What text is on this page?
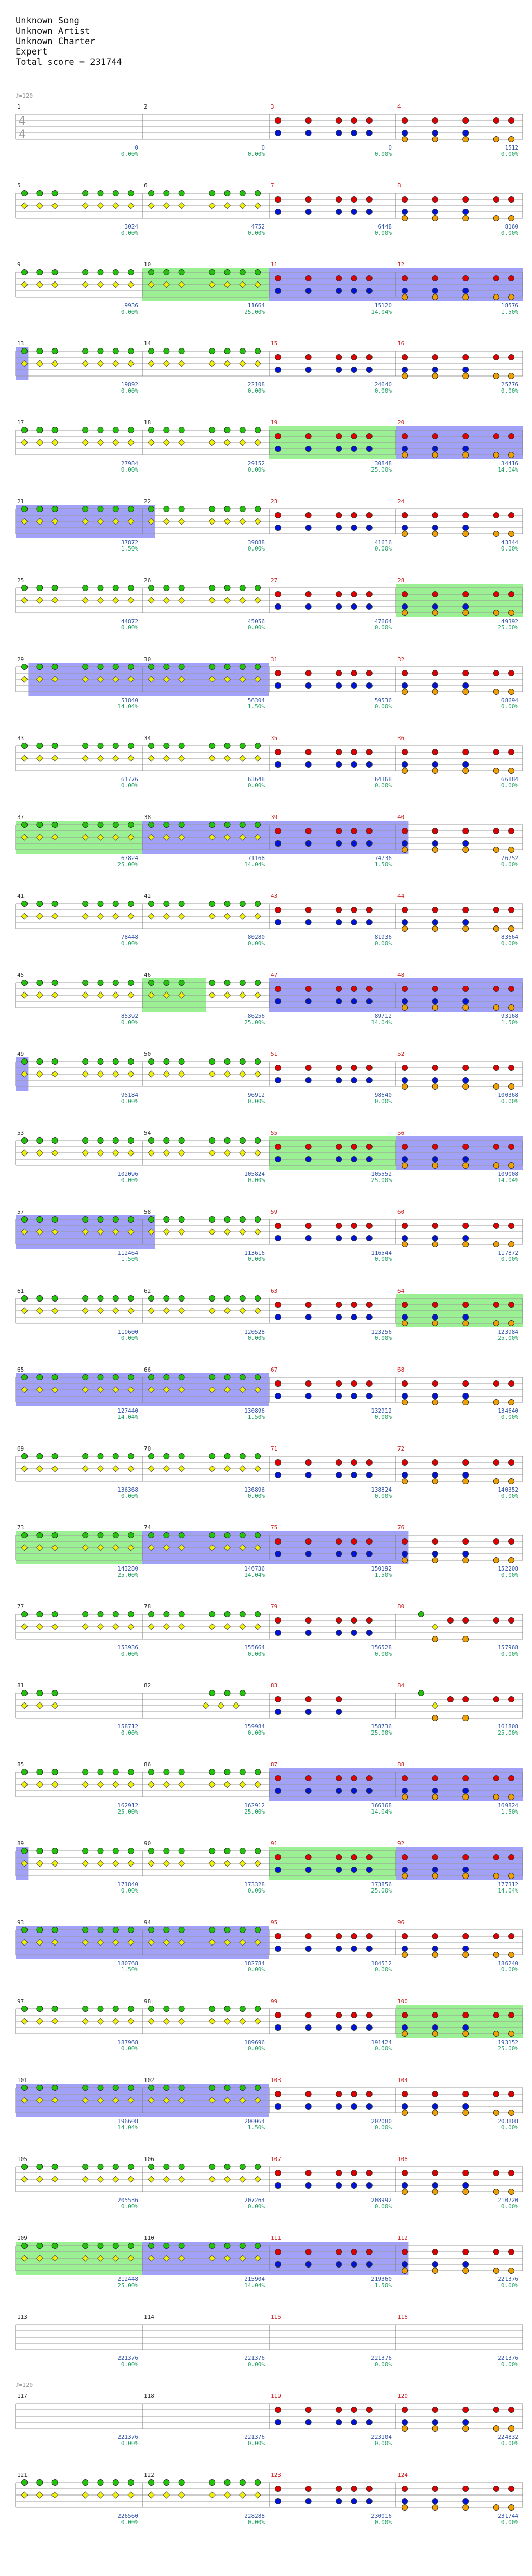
Unknown Song
Unknown Artist
Unknown Charter
Expert
Total score = 231744
♪=120
4
4
1
0
0.00%
2
0
0.00%
3
0
0.00%
4
1512
0.00%
5
3024
0.00%
6
4752
0.00%
7
6448
0.00%
8
8160
0.00%
9
9936
0.00%
10
11664
25.00%
11
15120
14.04%
12
18576
1.50%
13
19892
0.00%
14
22108
0.00%
15
24640
0.00%
16
25776
0.00%
17
27984
0.00%
18
29152
0.00%
19
30848
25.00%
20
34416
14.04%
21
37872
1.50%
22
39888
0.00%
23
41616
0.00%
24
43344
0.00%
25
44872
0.00%
26
45056
0.00%
27
47664
0.00%
28
49392
25.00%
29
51840
14.04%
30
56304
1.50%
31
59536
0.00%
32
68694
0.00%
33
61776
0.00%
34
63648
0.00%
35
64368
0.00%
36
66884
0.00%
37
67824
25.00%
38
71168
14.04%
39
74736
1.50%
40
76752
0.00%
41
78448
0.00%
42
80280
0.00%
43
81936
0.00%
44
83664
0.00%
45
85392
0.00%
46
86256
25.00%
47
89712
14.04%
48
93168
1.50%
49
95184
0.00%
50
96912
0.00%
51
98640
0.00%
52
100368
0.00%
53
102096
0.00%
54
105824
0.00%
55
105552
25.00%
56
109008
14.04%
57
112464
1.50%
58
113616
0.00%
59
116544
0.00%
60
117872
0.00%
61
119600
0.00%
62
120528
0.00%
63
123256
0.00%
64
123984
25.00%
65
127440
14.04%
66
130896
1.50%
67
132912
0.00%
68
134640
0.00%
69
136368
0.00%
70
136896
0.00%
71
138824
0.00%
72
140352
0.00%
73
143280
25.00%
74
146736
14.04%
75
150192
1.50%
76
152208
0.00%
77
153936
0.00%
78
155664
0.00%
79
156528
0.00%
80
157968
0.00%
81
158712
0.00%
82
159984
0.00%
83
158736
25.00%
84
161808
25.00%
85
162912
25.00%
86
162912
25.00%
87
166368
14.04%
88
169824
1.50%
89
171840
0.00%
90
173328
0.00%
91
173856
25.00%
92
177312
14.04%
93
180768
1.50%
94
182784
0.00%
95
184512
0.00%
96
186240
0.00%
97
187968
0.00%
98
189696
0.00%
99
191424
0.00%
100
193152
25.00%
101
196608
14.04%
102
200064
1.50%
103
202080
0.00%
104
203808
0.00%
105
205536
0.00%
106
207264
0.00%
107
208992
0.00%
108
210720
0.00%
109
212448
25.00%
110
215904
14.04%
111
219360
1.50%
112
221376
0.00%
113
221376
0.00%
114
221376
0.00%
115
221376
0.00%
116
221376
0.00%
♪=120
117
221376
0.00%
118
221376
0.00%
119
223104
0.00%
120
224832
0.00%
121
226560
0.00%
122
228288
0.00%
123
230016
0.00%
124
231744
0.00%
